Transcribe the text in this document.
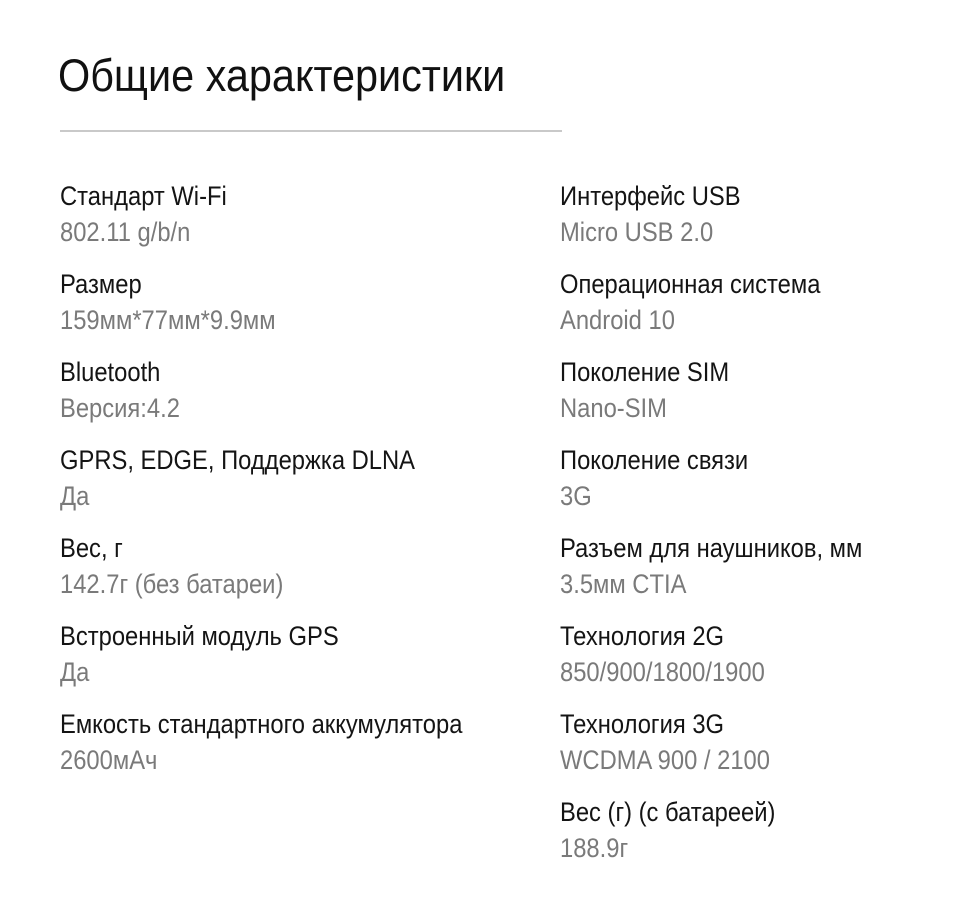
Общие характеристики
Стандарт Wi-Fi
802.11 g/b/n
Размер
159мм*77мм*9.9мм
Bluetooth
Версия:4.2
GPRS, EDGE, Поддержка DLNA
Да
Вес, г
142.7г (без батареи)
Встроенный модуль GPS
Да
Емкость стандартного аккумулятора
2600мАч
Интерфейс USB
Micro USB 2.0
Операционная система
Android 10
Поколение SIM
Nano-SIM
Поколение связи
3G
Разъем для наушников, мм
3.5мм CTIA
Технология 2G
850/900/1800/1900
Технология 3G
WCDMA 900 / 2100
Вес (г) (с батареей)
188.9г
